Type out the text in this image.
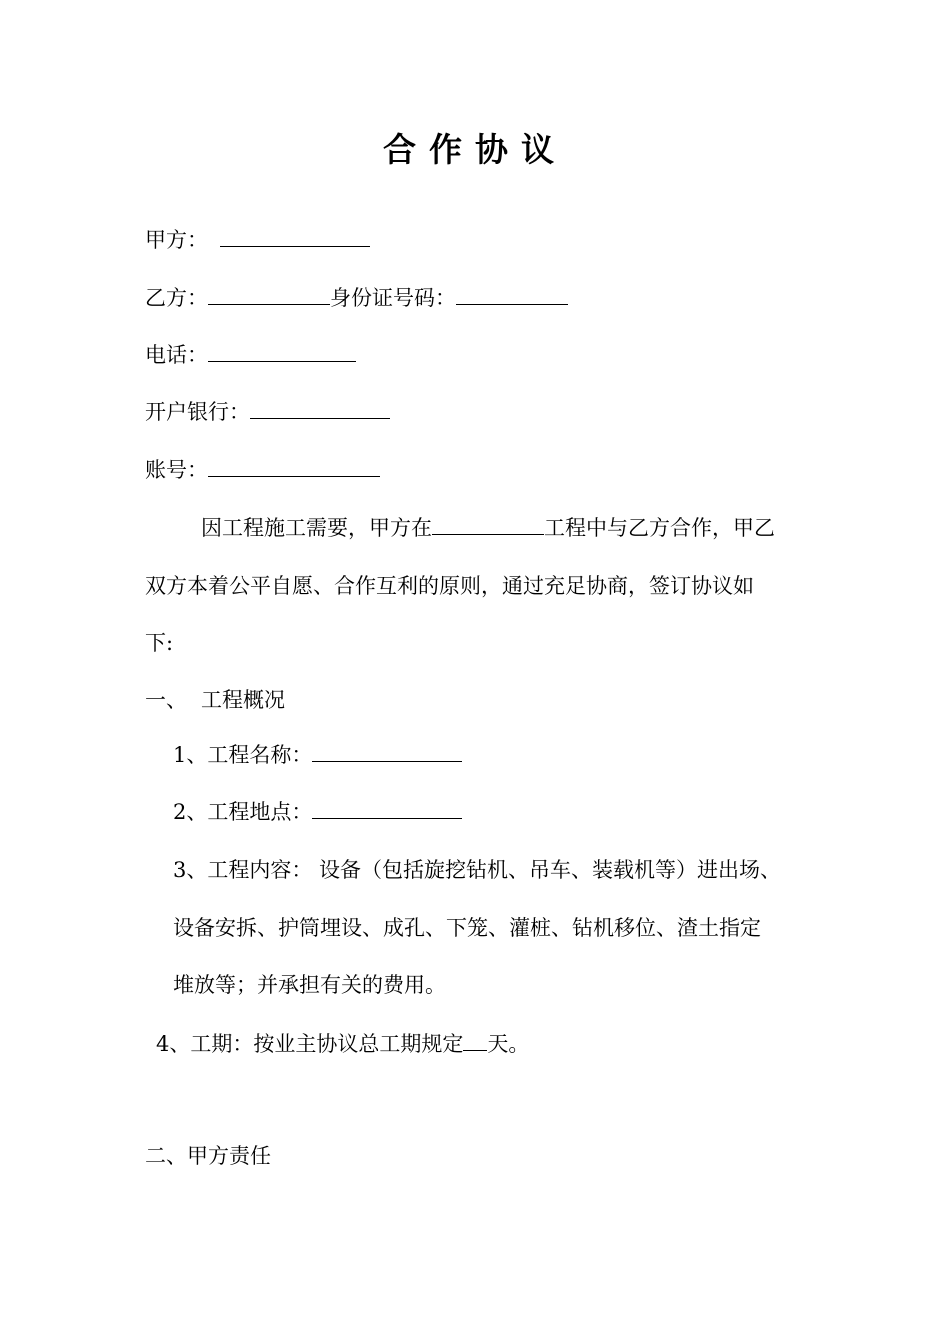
合作协议
甲方：
乙方：	身份证号码：
电话：
开户银行：
账号：
因工程施工需要，甲方在	工程中与乙方合作，甲乙
双方本着公平自愿、合作互利的原则，通过充足协商，签订协议如
下:
一、 工程概况
1、工程名称：
2、工程地点：
3、工程内容： 设备（包括旋挖钻机、吊车、装载机等）进出场、
设备安拆、护筒埋设、成孔、下笼、灌桩、钻机移位、渣土指定
堆放等；并承担有关的费用。
4、工期：按业主协议总工期规定 天。
二、甲方责任
